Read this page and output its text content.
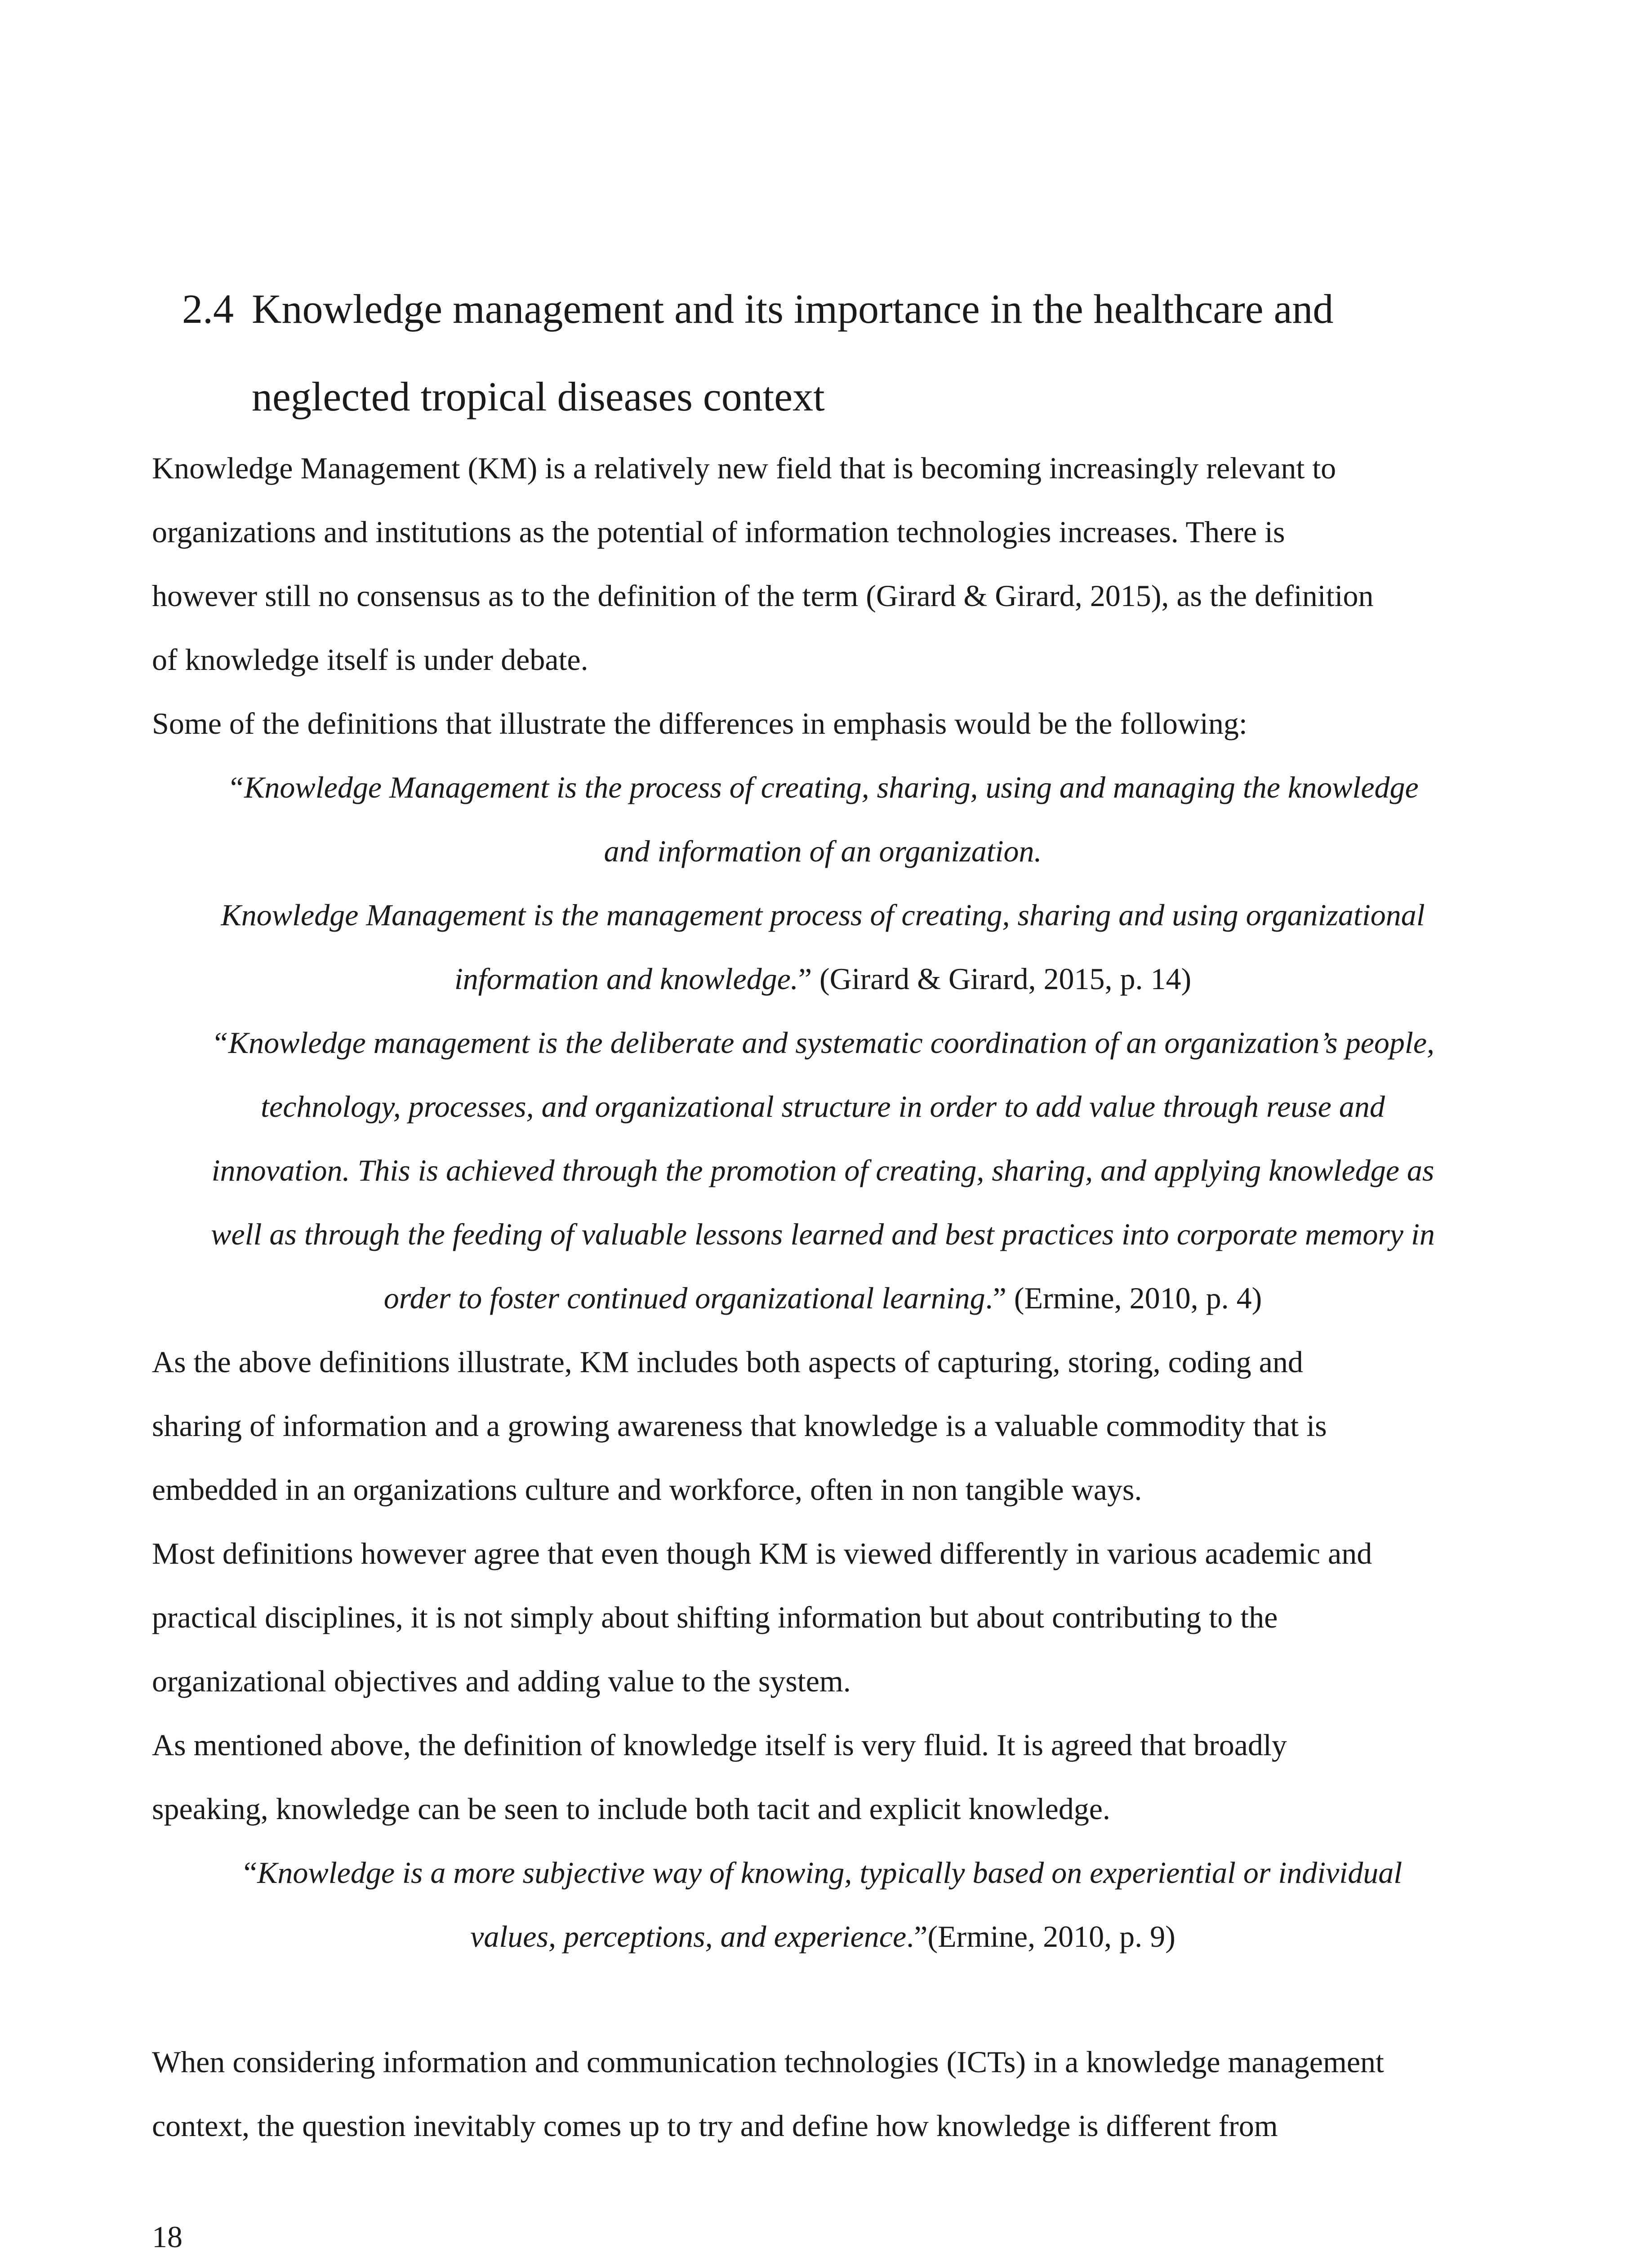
2.4 Knowledge management and its importance in the healthcare and
neglected tropical diseases context

Knowledge Management (KM) is a relatively new field that is becoming increasingly relevant to
organizations and institutions as the potential of information technologies increases. There is
however still no consensus as to the definition of the term (Girard & Girard, 2015), as the definition
of knowledge itself is under debate.

Some of the definitions that illustrate the differences in emphasis would be the following:

“Knowledge Management is the process of creating, sharing, using and managing the knowledge
and information of an organization.
Knowledge Management is the management process of creating, sharing and using organizational
information and knowledge.” (Girard & Girard, 2015, p. 14)
“Knowledge management is the deliberate and systematic coordination of an organization’s people,
technology, processes, and organizational structure in order to add value through reuse and
innovation. This is achieved through the promotion of creating, sharing, and applying knowledge as
well as through the feeding of valuable lessons learned and best practices into corporate memory in
order to foster continued organizational learning.” (Ermine, 2010, p. 4)

As the above definitions illustrate, KM includes both aspects of capturing, storing, coding and
sharing of information and a growing awareness that knowledge is a valuable commodity that is
embedded in an organizations culture and workforce, often in non tangible ways.

Most definitions however agree that even though KM is viewed differently in various academic and
practical disciplines, it is not simply about shifting information but about contributing to the
organizational objectives and adding value to the system.

As mentioned above, the definition of knowledge itself is very fluid. It is agreed that broadly
speaking, knowledge can be seen to include both tacit and explicit knowledge.

“Knowledge is a more subjective way of knowing, typically based on experiential or individual
values, perceptions, and experience.”(Ermine, 2010, p. 9)

When considering information and communication technologies (ICTs) in a knowledge management
context, the question inevitably comes up to try and define how knowledge is different from

18
